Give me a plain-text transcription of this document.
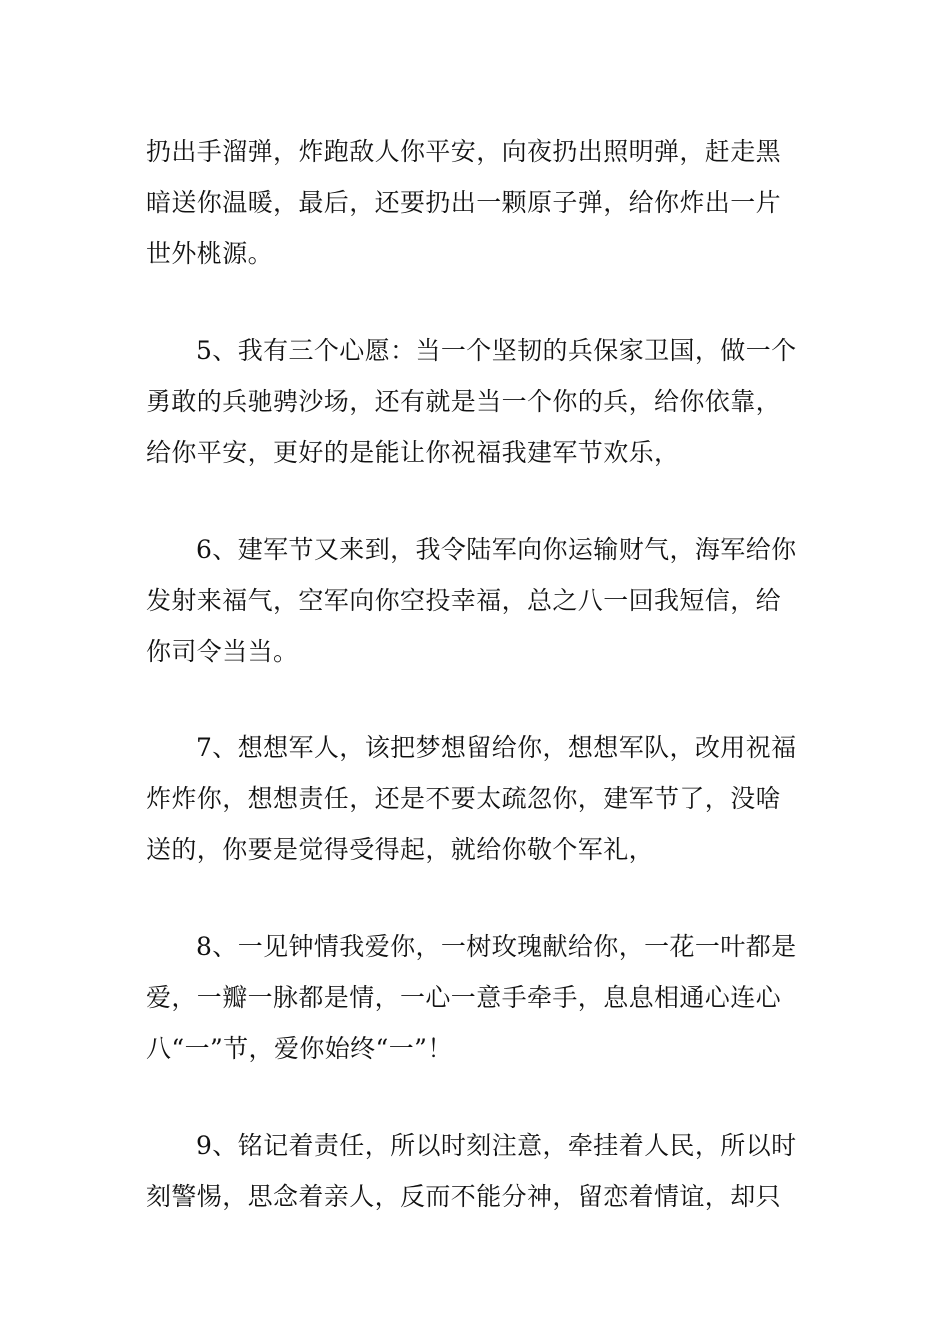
扔出手溜弹，炸跑敌人你平安，向夜扔出照明弹，赶走黑
暗送你温暖，最后，还要扔出一颗原子弹，给你炸出一片
世外桃源。

5、我有三个心愿：当一个坚韧的兵保家卫国，做一个
勇敢的兵驰骋沙场，还有就是当一个你的兵，给你依靠，
给你平安，更好的是能让你祝福我建军节欢乐，

6、建军节又来到，我令陆军向你运输财气，海军给你
发射来福气，空军向你空投幸福，总之八一回我短信，给
你司令当当。

7、想想军人，该把梦想留给你，想想军队，改用祝福
炸炸你，想想责任，还是不要太疏忽你，建军节了，没啥
送的，你要是觉得受得起，就给你敬个军礼，

8、一见钟情我爱你，一树玫瑰献给你，一花一叶都是
爱，一瓣一脉都是情，一心一意手牵手，息息相通心连心
八“一”节，爱你始终“一”！

9、铭记着责任，所以时刻注意，牵挂着人民，所以时
刻警惕，思念着亲人，反而不能分神，留恋着情谊，却只
